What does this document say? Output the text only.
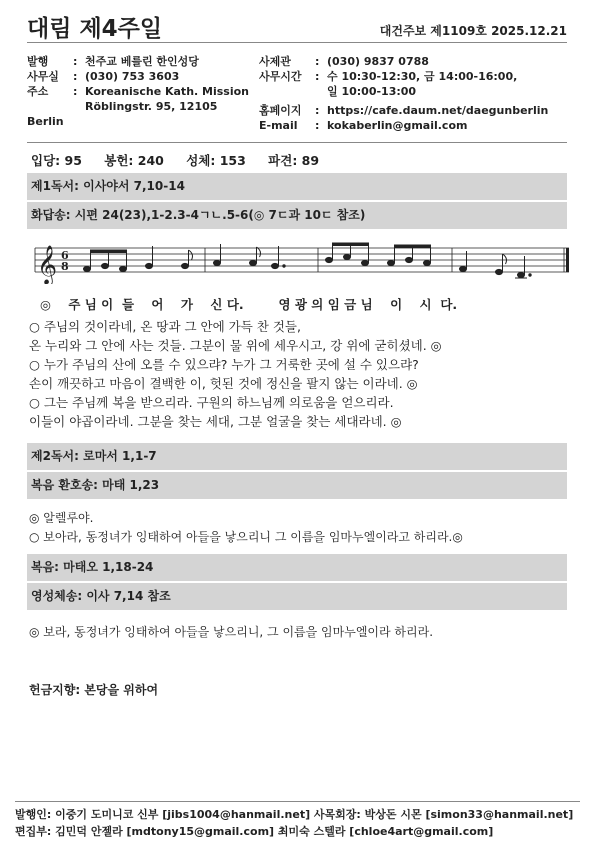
대림 제4주일	대건주보 제1109호 2025.12.21
발행 : 천주교 베를린 한인성당
사무실 : (030) 753 3603
주소 : Koreanische Kath. Mission
Röblingstr. 95, 12105 Berlin
사제관 : (030) 9837 0788
사무시간 : 수 10:30-12:30, 금 14:00-16:00,
일 10:00-13:00
홈페이지 : https://cafe.daum.net/daegunberlin
E-mail : kokaberlin@gmail.com
입당: 95 봉헌: 240 성체: 153 파견: 89
제1독서: 이사야서 7,10-14
화답송: 시편 24(23),1-2.3-4ㄱㄴ.5-6(◎ 7ㄷ과 10ㄷ 참조)
𝄞 6
8
◎    주 님 이  들    어    가    신 다.        영 광 의 임 금 님    이    시  다.
○ 주님의 것이라네, 온 땅과 그 안에 가득 찬 것들,
온 누리와 그 안에 사는 것들. 그분이 물 위에 세우시고, 강 위에 굳히셨네. ◎
○ 누가 주님의 산에 오를 수 있으랴? 누가 그 거룩한 곳에 설 수 있으랴?
손이 깨끗하고 마음이 결백한 이, 헛된 것에 정신을 팔지 않는 이라네. ◎
○ 그는 주님께 복을 받으리라. 구원의 하느님께 의로움을 얻으리라.
이들이 야곱이라네. 그분을 찾는 세대, 그분 얼굴을 찾는 세대라네. ◎
제2독서: 로마서 1,1-7
복음 환호송: 마태 1,23
◎ 알렐루야.
○ 보아라, 동정녀가 잉태하여 아들을 낳으리니 그 이름을 임마누엘이라고 하리라.◎
복음: 마태오 1,18-24
영성체송: 이사 7,14 참조
◎ 보라, 동정녀가 잉태하여 아들을 낳으리니, 그 이름을 임마누엘이라 하리라.
헌금지향: 본당을 위하여
발행인: 이중기 도미니코 신부 [jibs1004@hanmail.net] 사목회장: 박상돈 시몬 [simon33@hanmail.net]
편집부: 김민덕 안젤라 [mdtony15@gmail.com] 최미숙 스텔라 [chloe4art@gmail.com]
